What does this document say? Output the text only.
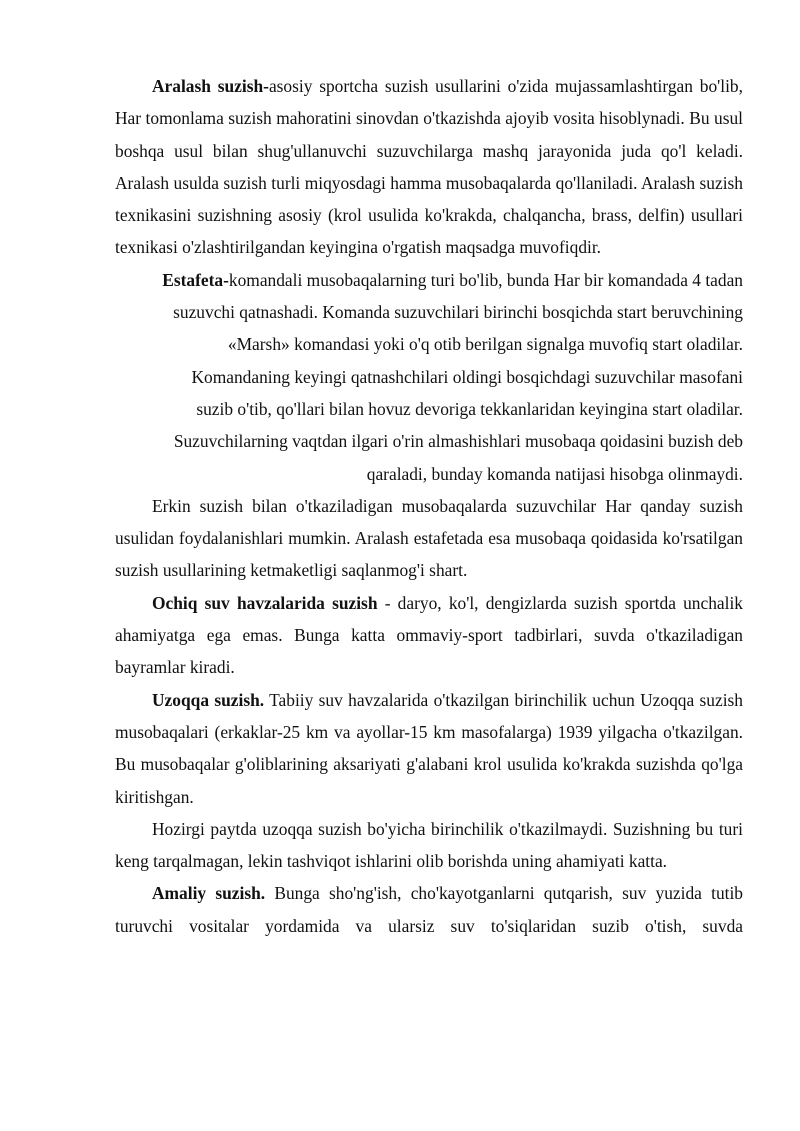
Aralash suzish-asosiy sportcha suzish usullarini o'zida mujassamlashtirgan bo'lib, Har tomonlama suzish mahoratini sinovdan o'tkazishda ajoyib vosita hisoblynadi. Bu usul boshqa usul bilan shug'ullanuvchi suzuvchilarga mashq jarayonida juda qo'l keladi. Aralash usulda suzish turli miqyosdagi hamma musobaqalarda qo'llaniladi. Aralash suzish texnikasini suzishning asosiy (krol usulida ko'krakda, chalqancha, brass, delfin) usullari texnikasi o'zlashtirilgandan keyingina o'rgatish maqsadga muvofiqdir.

Estafeta-komandali musobaqalarning turi bo'lib, bunda Har bir komandada 4 tadan

suzuvchi qatnashadi. Komanda suzuvchilari birinchi bosqichda start beruvchining

«Marsh» komandasi yoki o'q otib berilgan signalga muvofiq start oladilar.

Komandaning keyingi qatnashchilari oldingi bosqichdagi suzuvchilar masofani

suzib o'tib, qo'llari bilan hovuz devoriga tekkanlaridan keyingina start oladilar.

Suzuvchilarning vaqtdan ilgari o'rin almashishlari musobaqa qoidasini buzish deb

qaraladi, bunday komanda natijasi hisobga olinmaydi.

Erkin suzish bilan o'tkaziladigan musobaqalarda suzuvchilar Har qanday suzish usulidan foydalanishlari mumkin. Aralash estafetada esa musobaqa qoidasida ko'rsatilgan suzish usullarining ketmaketligi saqlanmog'i shart.

Ochiq suv havzalarida suzish - daryo, ko'l, dengizlarda suzish sportda unchalik ahamiyatga ega emas. Bunga katta ommaviy-sport tadbirlari, suvda o'tkaziladigan bayramlar kiradi.

Uzoqqa suzish. Tabiiy suv havzalarida o'tkazilgan birinchilik uchun Uzoqqa suzish musobaqalari (erkaklar-25 km va ayollar-15 km masofalarga) 1939 yilgacha o'tkazilgan. Bu musobaqalar g'oliblarining aksariyati g'alabani krol usulida ko'krakda suzishda qo'lga kiritishgan.

Hozirgi paytda uzoqqa suzish bo'yicha birinchilik o'tkazilmaydi. Suzishning bu turi keng tarqalmagan, lekin tashviqot ishlarini olib borishda uning ahamiyati katta.

Amaliy suzish. Bunga sho'ng'ish, cho'kayotganlarni qutqarish, suv yuzida tutib turuvchi vositalar yordamida va ularsiz suv to'siqlaridan suzib o'tish, suvda
